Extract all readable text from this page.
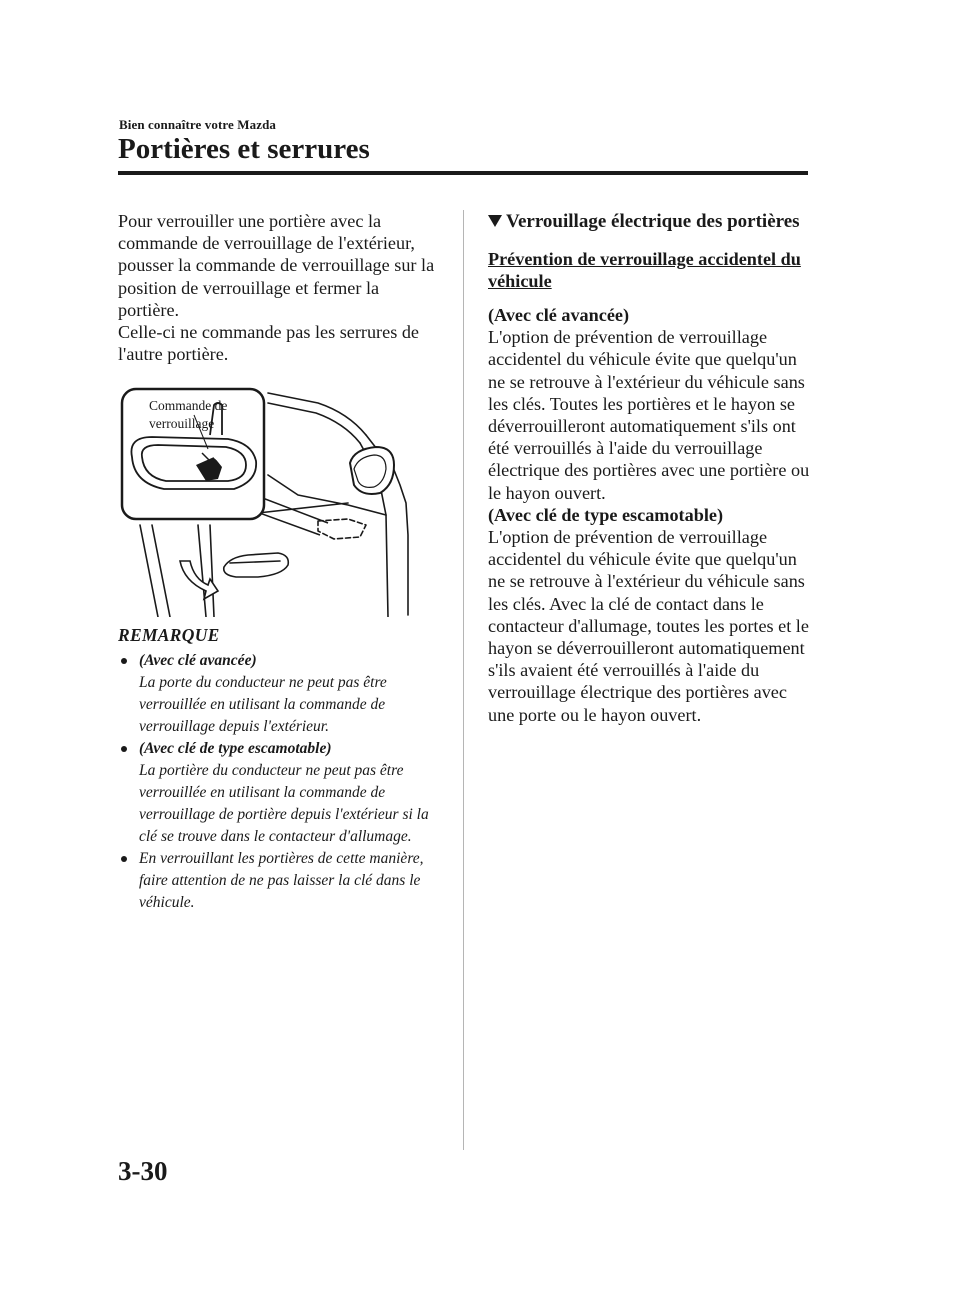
Bien connaître votre Mazda
Portières et serrures

Pour verrouiller une portière avec la commande de verrouillage de l'extérieur, pousser la commande de verrouillage sur la position de verrouillage et fermer la portière.

Celle-ci ne commande pas les serrures de l'autre portière.

Commande de verrouillage
REMARQUE
(Avec clé avancée)
La porte du conducteur ne peut pas être verrouillée en utilisant la commande de verrouillage depuis l'extérieur.
(Avec clé de type escamotable)
La portière du conducteur ne peut pas être verrouillée en utilisant la commande de verrouillage de portière depuis l'extérieur si la clé se trouve dans le contacteur d'allumage.
En verrouillant les portières de cette manière, faire attention de ne pas laisser la clé dans le véhicule.
Verrouillage électrique des portières

Prévention de verrouillage accidentel du véhicule

(Avec clé avancée)

L'option de prévention de verrouillage accidentel du véhicule évite que quelqu'un ne se retrouve à l'extérieur du véhicule sans les clés. Toutes les portières et le hayon se déverrouilleront automatiquement s'ils ont été verrouillés à l'aide du verrouillage électrique des portières avec une portière ou le hayon ouvert.

(Avec clé de type escamotable)

L'option de prévention de verrouillage accidentel du véhicule évite que quelqu'un ne se retrouve à l'extérieur du véhicule sans les clés. Avec la clé de contact dans le contacteur d'allumage, toutes les portes et le hayon se déverrouilleront automatiquement s'ils avaient été verrouillés à l'aide du verrouillage électrique des portières avec une porte ou le hayon ouvert.

3-30
